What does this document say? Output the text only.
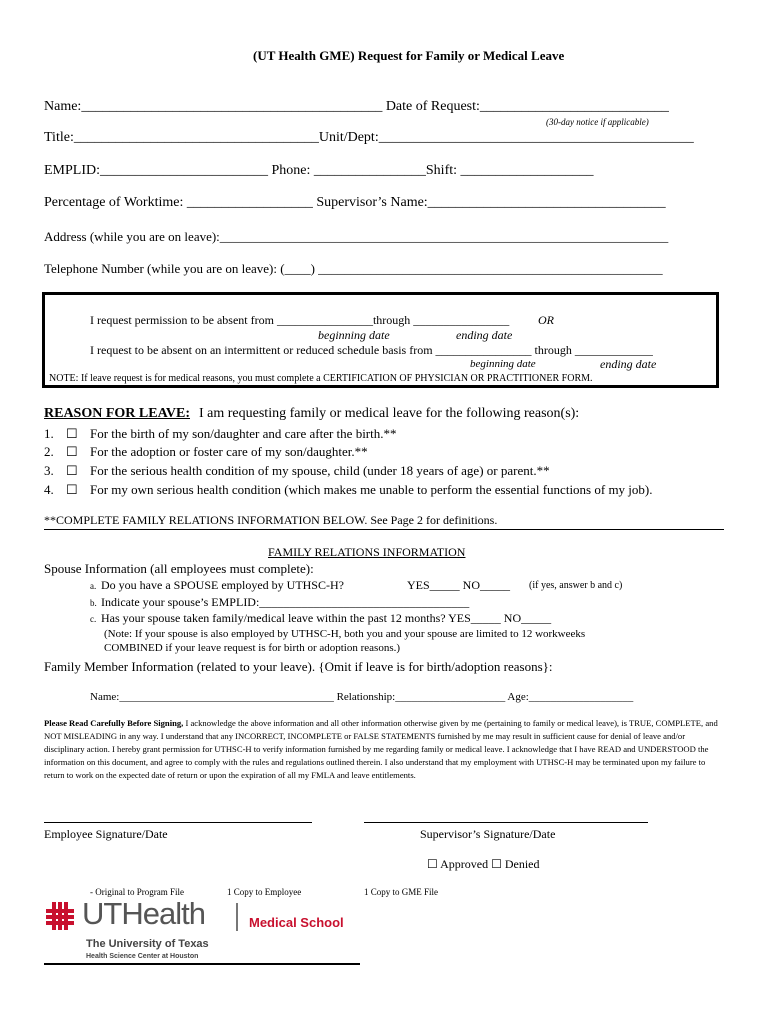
(UT Health GME) Request for Family or Medical Leave
Name:___________________________________________ Date of Request:___________________________
(30-day notice if applicable)
Title:___________________________________Unit/Dept:_____________________________________________
EMPLID:________________________ Phone: ________________Shift: ___________________
Percentage of Worktime: __________________ Supervisor’s Name:__________________________________
Address (while you are on leave):_____________________________________________________________________
Telephone Number (while you are on leave): (____) _____________________________________________________
I request permission to be absent from ________________through ________________ OR
beginning date	ending date
I request to be absent on an intermittent or reduced schedule basis from ________________ through _____________
beginning date	ending date
NOTE: If leave request is for medical reasons, you must complete a CERTIFICATION OF PHYSICIAN OR PRACTITIONER FORM.
REASON FOR LEAVE: I am requesting family or medical leave for the following reason(s):
1. ☐ For the birth of my son/daughter and care after the birth.**
2. ☐ For the adoption or foster care of my son/daughter.**
3. ☐ For the serious health condition of my spouse, child (under 18 years of age) or parent.**
4. ☐ For my own serious health condition (which makes me unable to perform the essential functions of my job).
**COMPLETE FAMILY RELATIONS INFORMATION BELOW. See Page 2 for definitions.
FAMILY RELATIONS INFORMATION
Spouse Information (all employees must complete):
a. Do you have a SPOUSE employed by UTHSC-H?	YES_____ NO_____ (if yes, answer b and c)
b. Indicate your spouse’s EMPLID:___________________________________
c. Has your spouse taken family/medical leave within the past 12 months? YES_____ NO_____
(Note: If your spouse is also employed by UTHSC-H, both you and your spouse are limited to 12 workweeks
COMBINED if your leave request is for birth or adoption reasons.)
Family Member Information (related to your leave). {Omit if leave is for birth/adoption reasons}:
Name:_______________________________________ Relationship:____________________ Age:___________________
Please Read Carefully Before Signing, I acknowledge the above information and all other information otherwise given by me (pertaining to family or medical leave), is TRUE, COMPLETE, and NOT MISLEADING in any way. I understand that any INCORRECT, INCOMPLETE or FALSE STATEMENTS furnished by me may result in sufficient cause for denial of leave and/or disciplinary action. I hereby grant permission for UTHSC-H to verify information furnished by me regarding family or medical leave. I acknowledge that I have READ and UNDERSTOOD the information on this document, and agree to comply with the rules and regulations outlined therein. I also understand that my employment with UTHSC-H may be terminated upon my failure to return to work on the expected date of return or upon the expiration of all my FMLA and leave entitlements.
Employee Signature/Date	Supervisor’s Signature/Date
☐ Approved ☐ Denied
- Original to Program File	1 Copy to Employee	1 Copy to GME File
UTHealth	Medical School
The University of Texas
Health Science Center at Houston
